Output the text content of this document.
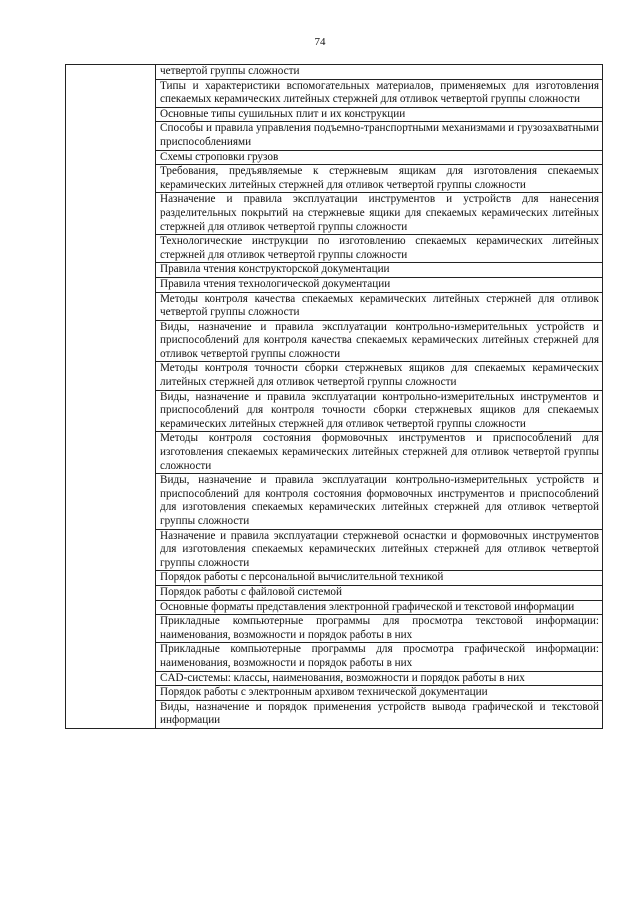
74
	четвертой группы сложности
Типы и характеристики вспомогательных материалов, применяемых для изготовления спекаемых керамических литейных стержней для отливок четвертой группы сложности
Основные типы сушильных плит и их конструкции
Способы и правила управления подъемно-транспортными механизмами и грузозахватными приспособлениями
Схемы строповки грузов
Требования, предъявляемые к стержневым ящикам для изготовления спекаемых керамических литейных стержней для отливок четвертой группы сложности
Назначение и правила эксплуатации инструментов и устройств для нанесения разделительных покрытий на стержневые ящики для спекаемых керамических литейных стержней для отливок четвертой группы сложности
Технологические инструкции по изготовлению спекаемых керамических литейных стержней для отливок четвертой группы сложности
Правила чтения конструкторской документации
Правила чтения технологической документации
Методы контроля качества спекаемых керамических литейных стержней для отливок четвертой группы сложности
Виды, назначение и правила эксплуатации контрольно-измерительных устройств и приспособлений для контроля качества спекаемых керамических литейных стержней для отливок четвертой группы сложности
Методы контроля точности сборки стержневых ящиков для спекаемых керамических литейных стержней для отливок четвертой группы сложности
Виды, назначение и правила эксплуатации контрольно-измерительных инструментов и приспособлений для контроля точности сборки стержневых ящиков для спекаемых керамических литейных стержней для отливок четвертой группы сложности
Методы контроля состояния формовочных инструментов и приспособлений для изготовления спекаемых керамических литейных стержней для отливок четвертой группы сложности
Виды, назначение и правила эксплуатации контрольно-измерительных устройств и приспособлений для контроля состояния формовочных инструментов и приспособлений для изготовления спекаемых керамических литейных стержней для отливок четвертой группы сложности
Назначение и правила эксплуатации стержневой оснастки и формовочных инструментов для изготовления спекаемых керамических литейных стержней для отливок четвертой группы сложности
Порядок работы с персональной вычислительной техникой
Порядок работы с файловой системой
Основные форматы представления электронной графической и текстовой информации
Прикладные компьютерные программы для просмотра текстовой информации: наименования, возможности и порядок работы в них
Прикладные компьютерные программы для просмотра графической информации: наименования, возможности и порядок работы в них
CAD-системы: классы, наименования, возможности и порядок работы в них
Порядок работы с электронным архивом технической документации
Виды, назначение и порядок применения устройств вывода графической и текстовой информации
